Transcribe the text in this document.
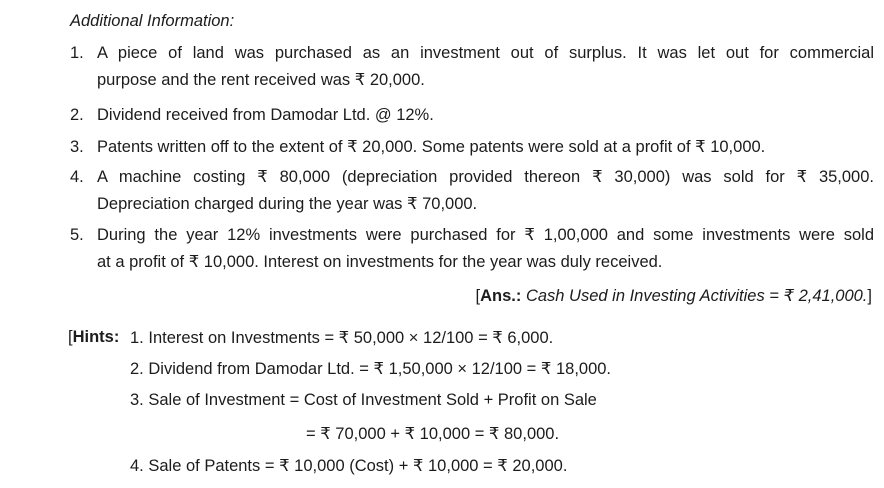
Additional Information:
1. A piece of land was purchased as an investment out of surplus. It was let out for commercial
purpose and the rent received was ₹ 20,000.
2. Dividend received from Damodar Ltd. @ 12%.
3. Patents written off to the extent of ₹ 20,000. Some patents were sold at a profit of ₹ 10,000.
4. A machine costing ₹ 80,000 (depreciation provided thereon ₹ 30,000) was sold for ₹ 35,000.
Depreciation charged during the year was ₹ 70,000.
5. During the year 12% investments were purchased for ₹ 1,00,000 and some investments were sold
at a profit of ₹ 10,000. Interest on investments for the year was duly received.
[Ans.: Cash Used in Investing Activities = ₹ 2,41,000.]
[Hints: 1. Interest on Investments = ₹ 50,000 × 12/100 = ₹ 6,000.
2. Dividend from Damodar Ltd. = ₹ 1,50,000 × 12/100 = ₹ 18,000.
3. Sale of Investment = Cost of Investment Sold + Profit on Sale
= ₹ 70,000 + ₹ 10,000 = ₹ 80,000.
4. Sale of Patents = ₹ 10,000 (Cost) + ₹ 10,000 = ₹ 20,000.
